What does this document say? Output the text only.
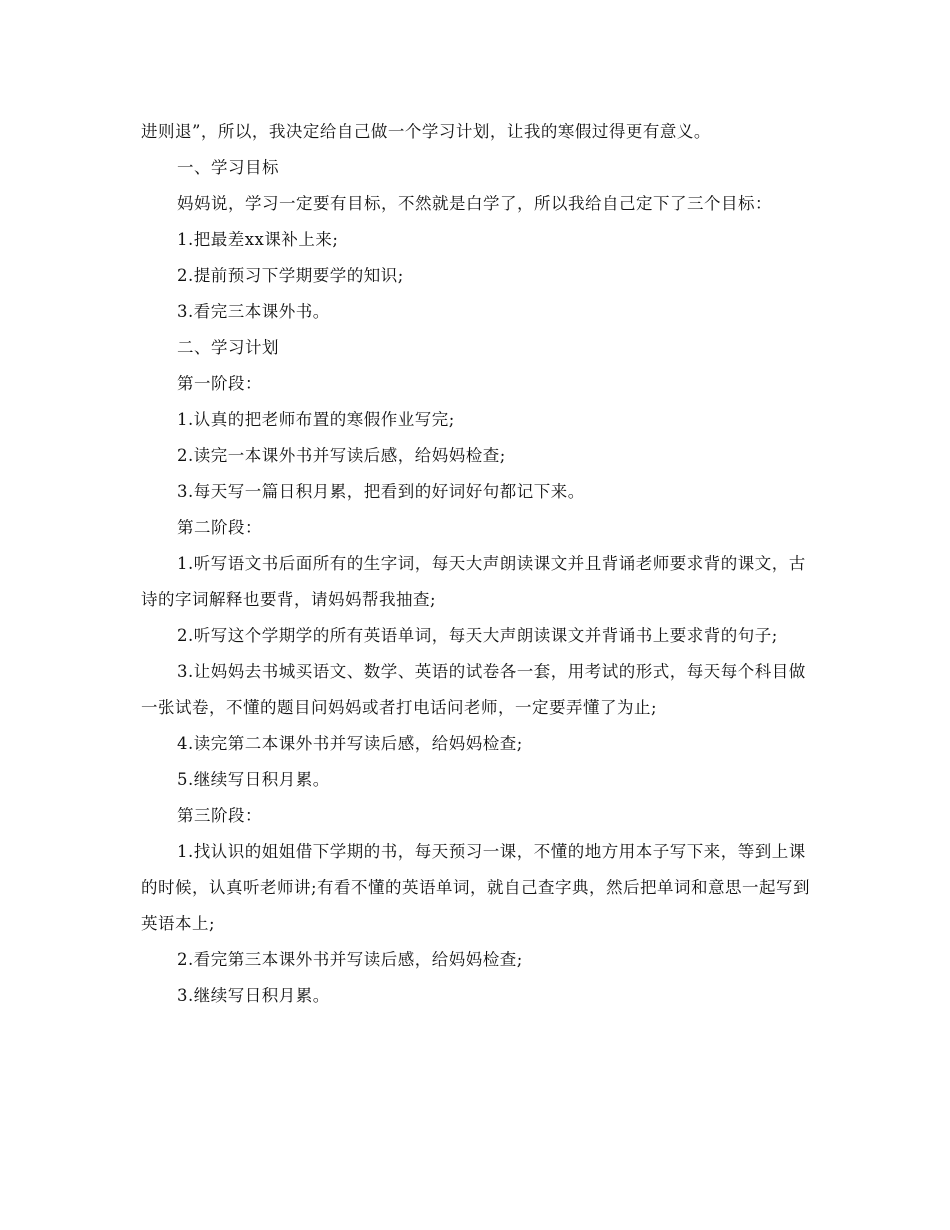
进则退”，所以，我决定给自己做一个学习计划，让我的寒假过得更有意义。

一、学习目标

妈妈说，学习一定要有目标，不然就是白学了，所以我给自己定下了三个目标：

1.把最差xx课补上来;

2.提前预习下学期要学的知识;

3.看完三本课外书。

二、学习计划

第一阶段：

1.认真的把老师布置的寒假作业写完;

2.读完一本课外书并写读后感，给妈妈检查;

3.每天写一篇日积月累，把看到的好词好句都记下来。

第二阶段：

1.听写语文书后面所有的生字词，每天大声朗读课文并且背诵老师要求背的课文，古诗的字词解释也要背，请妈妈帮我抽查;

2.听写这个学期学的所有英语单词，每天大声朗读课文并背诵书上要求背的句子;

3.让妈妈去书城买语文、数学、英语的试卷各一套，用考试的形式，每天每个科目做一张试卷，不懂的题目问妈妈或者打电话问老师，一定要弄懂了为止;

4.读完第二本课外书并写读后感，给妈妈检查;

5.继续写日积月累。

第三阶段：

1.找认识的姐姐借下学期的书，每天预习一课，不懂的地方用本子写下来，等到上课的时候，认真听老师讲;有看不懂的英语单词，就自己查字典，然后把单词和意思一起写到英语本上;

2.看完第三本课外书并写读后感，给妈妈检查;

3.继续写日积月累。
